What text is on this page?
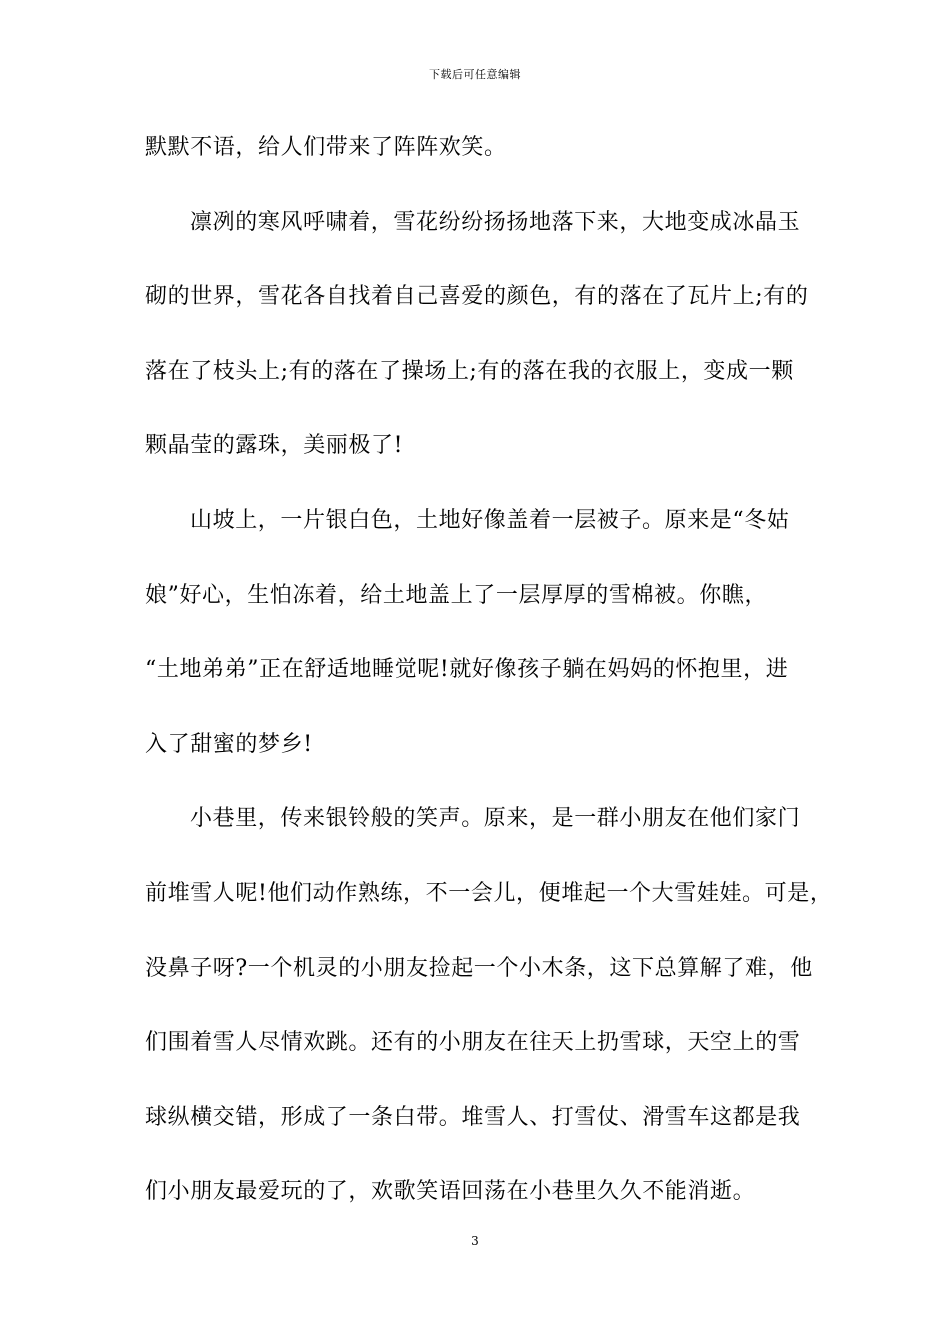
下载后可任意编辑
默默不语，给人们带来了阵阵欢笑。
凛冽的寒风呼啸着，雪花纷纷扬扬地落下来，大地变成冰晶玉
砌的世界，雪花各自找着自己喜爱的颜色，有的落在了瓦片上;有的
落在了枝头上;有的落在了操场上;有的落在我的衣服上，变成一颗
颗晶莹的露珠，美丽极了!
山坡上，一片银白色，土地好像盖着一层被子。原来是“冬姑
娘”好心，生怕冻着，给土地盖上了一层厚厚的雪棉被。你瞧，
“土地弟弟”正在舒适地睡觉呢!就好像孩子躺在妈妈的怀抱里，进
入了甜蜜的梦乡!
小巷里，传来银铃般的笑声。原来，是一群小朋友在他们家门
前堆雪人呢!他们动作熟练，不一会儿，便堆起一个大雪娃娃。可是，
没鼻子呀?一个机灵的小朋友捡起一个小木条，这下总算解了难，他
们围着雪人尽情欢跳。还有的小朋友在往天上扔雪球，天空上的雪
球纵横交错，形成了一条白带。堆雪人、打雪仗、滑雪车这都是我
们小朋友最爱玩的了，欢歌笑语回荡在小巷里久久不能消逝。
3
